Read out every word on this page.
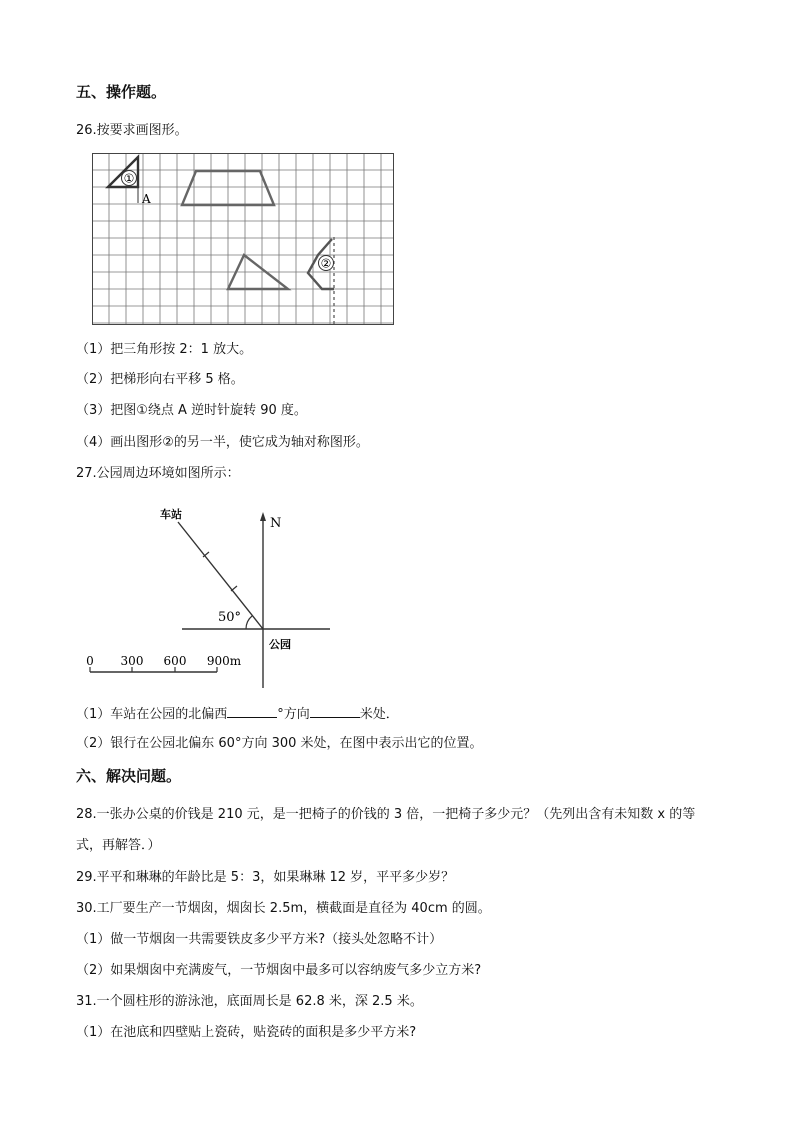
五、操作题。
26.按要求画图形。
①
A
②
（1）把三角形按 2：1 放大。
（2）把梯形向右平移 5 格。
（3）把图①绕点 A 逆时针旋转 90 度。
（4）画出图形②的另一半，使它成为轴对称图形。
27.公园周边环境如图所示：
N
50°
车站
公园
0 300 600 900m
（1）车站在公园的北偏西	°方向	米处．
（2）银行在公园北偏东 60°方向 300 米处，在图中表示出它的位置。
六、解决问题。
28.一张办公桌的价钱是 210 元，是一把椅子的价钱的 3 倍，一把椅子多少元？（先列出含有未知数 x 的等
式，再解答．）
29.平平和琳琳的年龄比是 5：3，如果琳琳 12 岁，平平多少岁？
30.工厂要生产一节烟囱，烟囱长 2.5m，横截面是直径为 40cm 的圆。
（1）做一节烟囱一共需要铁皮多少平方米?（接头处忽略不计）
（2）如果烟囱中充满废气，一节烟囱中最多可以容纳废气多少立方米?
31.一个圆柱形的游泳池，底面周长是 62.8 米，深 2.5 米。
（1）在池底和四壁贴上瓷砖，贴瓷砖的面积是多少平方米?
